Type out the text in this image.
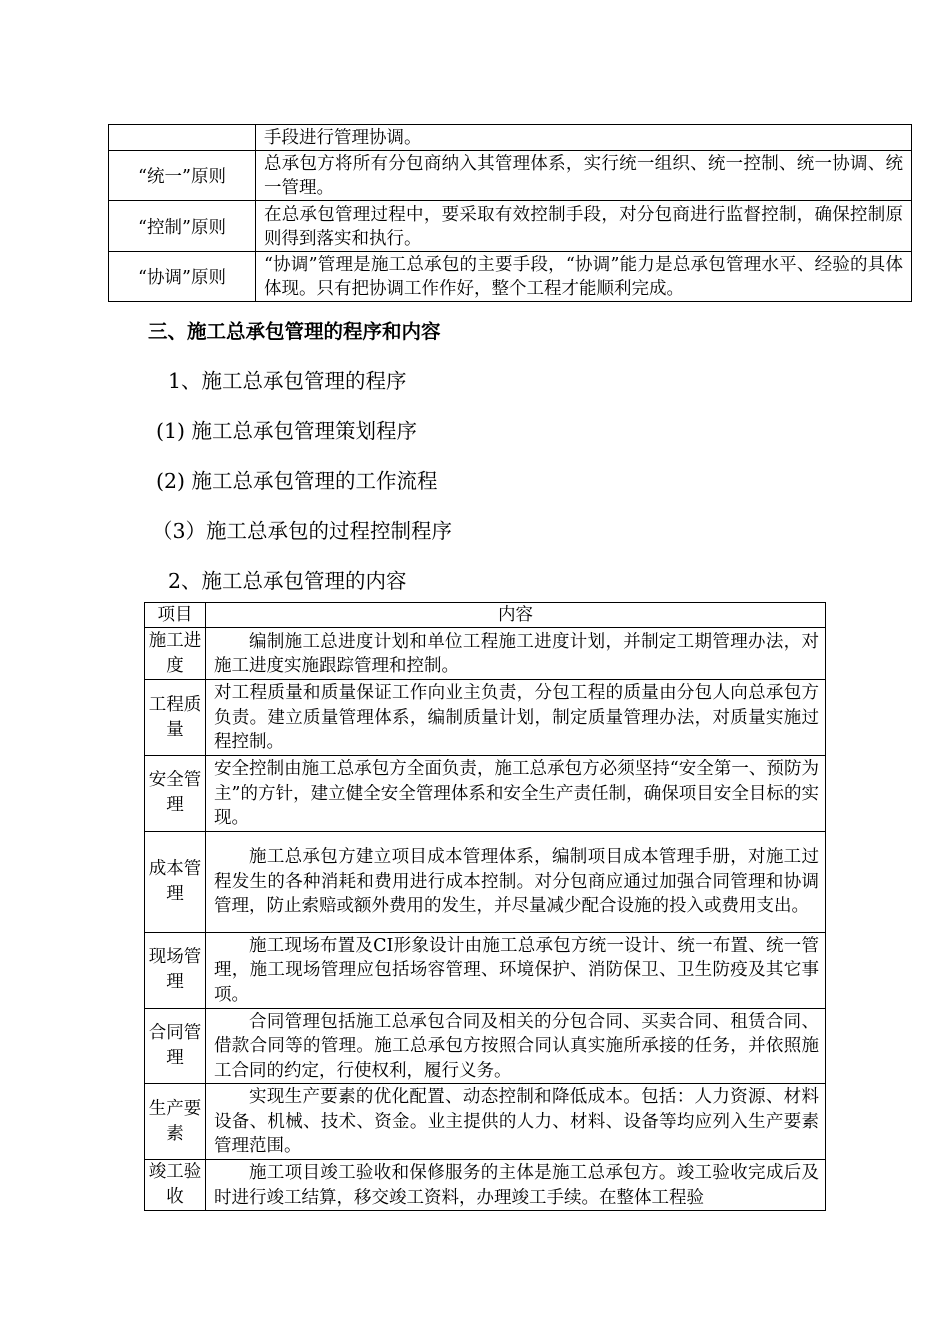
	手段进行管理协调。
“统一”原则	总承包方将所有分包商纳入其管理体系，实行统一组织、统一控制、统一协调、统一管理。
“控制”原则	在总承包管理过程中，要采取有效控制手段，对分包商进行监督控制，确保控制原则得到落实和执行。
“协调”原则	“协调”管理是施工总承包的主要手段，“协调”能力是总承包管理水平、经验的具体体现。只有把协调工作作好，整个工程才能顺利完成。
三、施工总承包管理的程序和内容
1、施工总承包管理的程序
(1) 施工总承包管理策划程序
(2) 施工总承包管理的工作流程
（3）施工总承包的过程控制程序
2、施工总承包管理的内容
项目	内容
施工进度	编制施工总进度计划和单位工程施工进度计划，并制定工期管理办法，对施工进度实施跟踪管理和控制。
工程质量	对工程质量和质量保证工作向业主负责，分包工程的质量由分包人向总承包方负责。建立质量管理体系，编制质量计划，制定质量管理办法，对质量实施过程控制。
安全管理	安全控制由施工总承包方全面负责，施工总承包方必须坚持“安全第一、预防为主”的方针，建立健全安全管理体系和安全生产责任制，确保项目安全目标的实现。
成本管理	施工总承包方建立项目成本管理体系，编制项目成本管理手册，对施工过程发生的各种消耗和费用进行成本控制。对分包商应通过加强合同管理和协调管理，防止索赔或额外费用的发生，并尽量减少配合设施的投入或费用支出。
现场管理	施工现场布置及CI形象设计由施工总承包方统一设计、统一布置、统一管理，施工现场管理应包括场容管理、环境保护、消防保卫、卫生防疫及其它事项。
合同管理	合同管理包括施工总承包合同及相关的分包合同、买卖合同、租赁合同、借款合同等的管理。施工总承包方按照合同认真实施所承接的任务，并依照施工合同的约定，行使权利，履行义务。
生产要素	实现生产要素的优化配置、动态控制和降低成本。包括：人力资源、材料设备、机械、技术、资金。业主提供的人力、材料、设备等均应列入生产要素管理范围。
竣工验收	施工项目竣工验收和保修服务的主体是施工总承包方。竣工验收完成后及时进行竣工结算，移交竣工资料，办理竣工手续。在整体工程验
